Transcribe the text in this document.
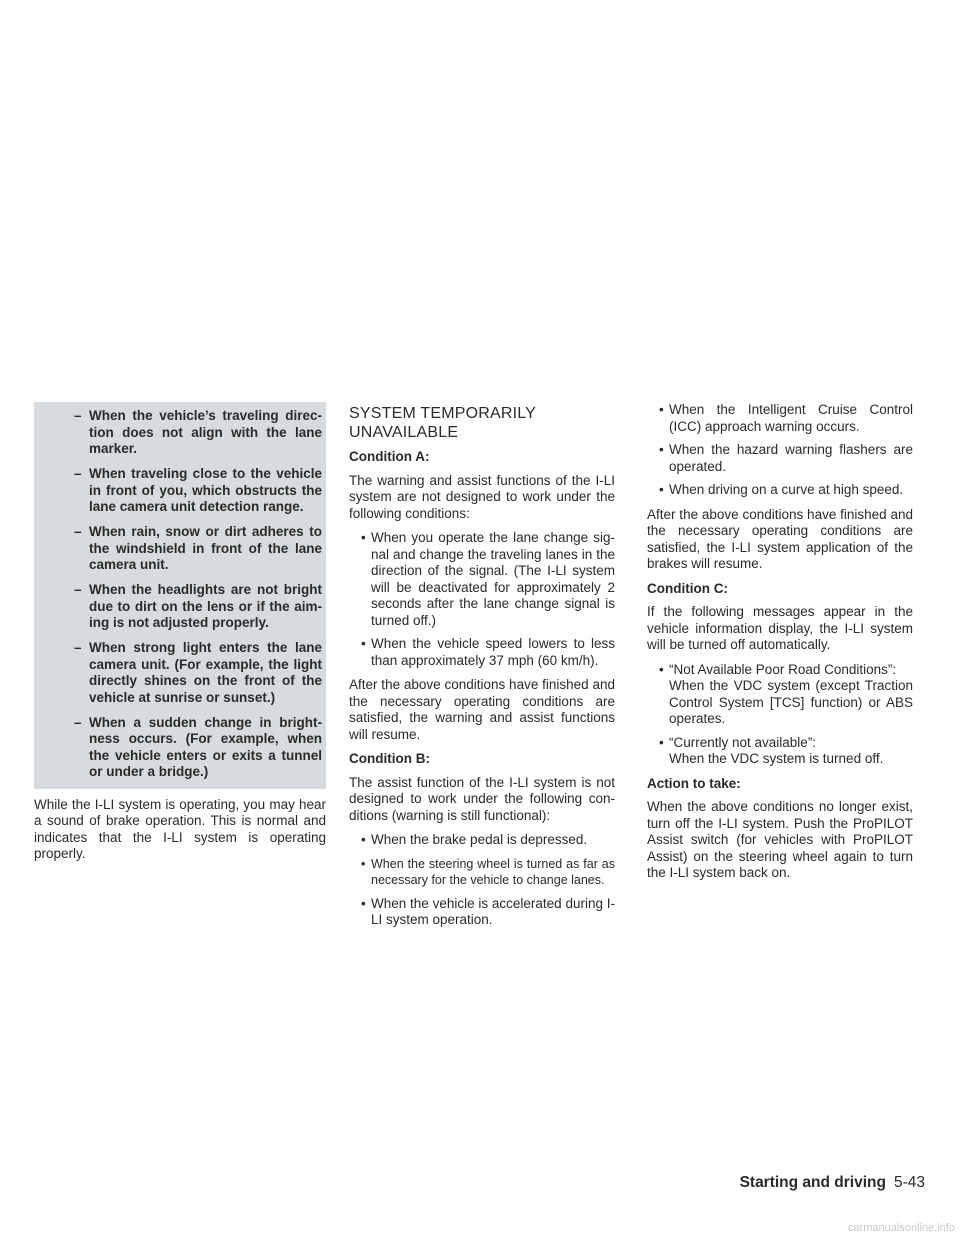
– When the vehicle’s traveling direction does not align with the lane marker.
– When traveling close to the vehicle in front of you, which obstructs the lane camera unit detection range.
– When rain, snow or dirt adheres to the windshield in front of the lane camera unit.
– When the headlights are not bright due to dirt on the lens or if the aiming is not adjusted properly.
– When strong light enters the lane camera unit. (For example, the light directly shines on the front of the vehicle at sunrise or sunset.)
– When a sudden change in brightness occurs. (For example, when the vehicle enters or exits a tunnel or under a bridge.)

While the I-LI system is operating, you may hear a sound of brake operation. This is normal and indicates that the I-LI system is operating properly.

SYSTEM TEMPORARILY UNAVAILABLE
Condition A:

The warning and assist functions of the I-LI system are not designed to work under the following conditions:

• When you operate the lane change signal and change the traveling lanes in the direction of the signal. (The I-LI system will be deactivated for approximately 2 seconds after the lane change signal is turned off.)
• When the vehicle speed lowers to less than approximately 37 mph (60 km/h).

After the above conditions have finished and the necessary operating conditions are satisfied, the warning and assist functions will resume.

Condition B:

The assist function of the I-LI system is not designed to work under the following conditions (warning is still functional):

• When the brake pedal is depressed.
• When the steering wheel is turned as far as necessary for the vehicle to change lanes.
• When the vehicle is accelerated during I-LI system operation.
• When the Intelligent Cruise Control (ICC) approach warning occurs.
• When the hazard warning flashers are operated.
• When driving on a curve at high speed.

After the above conditions have finished and the necessary operating conditions are satisfied, the I-LI system application of the brakes will resume.

Condition C:

If the following messages appear in the vehicle information display, the I-LI system will be turned off automatically.

• “Not Available Poor Road Conditions”:
When the VDC system (except Traction Control System [TCS] function) or ABS operates.
• “Currently not available”:
When the VDC system is turned off.
Action to take:

When the above conditions no longer exist, turn off the I-LI system. Push the ProPILOT Assist switch (for vehicles with ProPILOT Assist) on the steering wheel again to turn the I-LI system back on.

Starting and driving 5-43
carmanualsonline.info
